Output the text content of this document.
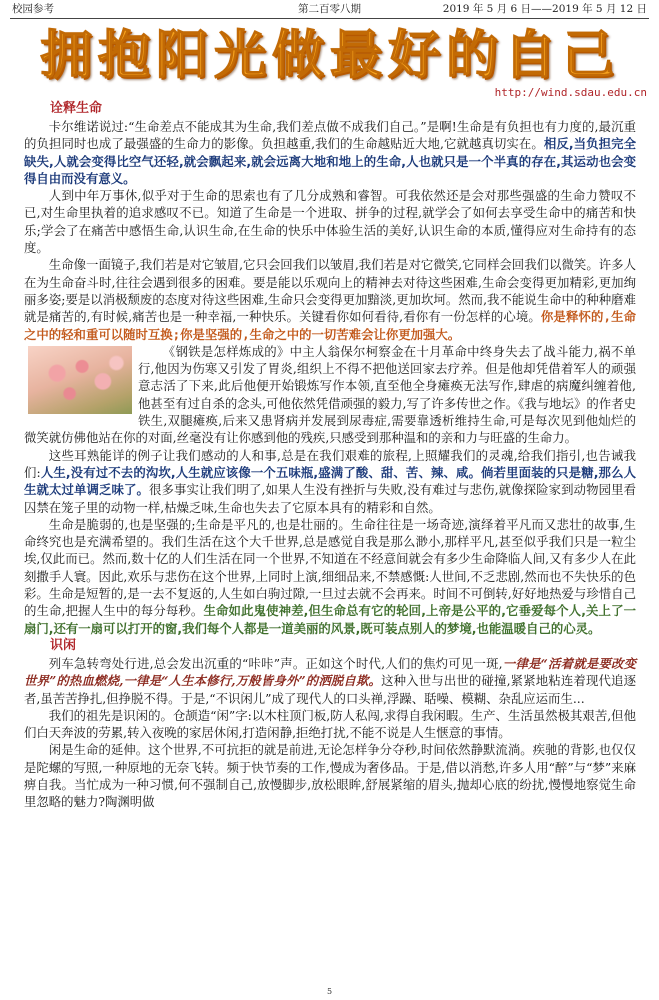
校园参考	第二百零八期	2019 年 5 月 6 日——2019 年 5 月 12 日
拥抱阳光做最好的自己
http://wind.sdau.edu.cn
诠释生命

卡尔维诺说过:“生命差点不能成其为生命,我们差点做不成我们自己。”是啊!生命是有负担也有力度的,最沉重的负担同时也成了最强盛的生命力的影像。负担越重,我们的生命越贴近大地,它就越真切实在。相反,当负担完全缺失,人就会变得比空气还轻,就会飘起来,就会远离大地和地上的生命,人也就只是一个半真的存在,其运动也会变得自由而没有意义。

人到中年万事休,似乎对于生命的思索也有了几分成熟和睿智。可我依然还是会对那些强盛的生命力赞叹不已,对生命里执着的追求感叹不已。知道了生命是一个进取、拼争的过程,就学会了如何去享受生命中的痛苦和快乐;学会了在痛苦中感悟生命,认识生命,在生命的快乐中体验生活的美好,认识生命的本质,懂得应对生命持有的态度。

生命像一面镜子,我们若是对它皱眉,它只会回我们以皱眉,我们若是对它微笑,它同样会回我们以微笑。许多人在为生命奋斗时,往往会遇到很多的困难。要是能以乐观向上的精神去对待这些困难,生命会变得更加精彩,更加绚丽多姿;要是以消极颓废的态度对待这些困难,生命只会变得更加黯淡,更加坎坷。然而,我不能说生命中的种种磨难就是痛苦的,有时候,痛苦也是一种幸福,一种快乐。关键看你如何看待,看你有一份怎样的心境。你是释怀的,生命之中的轻和重可以随时互换;你是坚强的,生命之中的一切苦难会让你更加强大。

《钢铁是怎样炼成的》中主人翁保尔柯察金在十月革命中终身失去了战斗能力,祸不单行,他因为伤寒又引发了胃炎,组织上不得不把他送回家去疗养。但是他却凭借着军人的顽强意志活了下来,此后他便开始锻炼写作本领,直至他全身瘫痪无法写作,肆虐的病魔纠缠着他,他甚至有过自杀的念头,可他依然凭借顽强的毅力,写了许多传世之作。《我与地坛》的作者史铁生,双腿瘫痪,后来又患肾病并发展到尿毒症,需要靠透析维持生命,可是每次见到他灿烂的微笑就仿佛他站在你的对面,丝毫没有让你感到他的残疾,只感受到那种温和的亲和力与旺盛的生命力。

这些耳熟能详的例子让我们感动的人和事,总是在我们艰难的旅程,上照耀我们的灵魂,给我们指引,也告诫我们:人生,没有过不去的沟坎,人生就应该像一个五味瓶,盛满了酸、甜、苦、辣、咸。倘若里面装的只是糖,那么人生就太过单调乏味了。很多事实让我们明了,如果人生没有挫折与失败,没有难过与悲伤,就像探险家到动物园里看囚禁在笼子里的动物一样,枯燥乏味,生命也失去了它原本具有的精彩和自然。

生命是脆弱的,也是坚强的;生命是平凡的,也是壮丽的。生命往往是一场奇迹,演绎着平凡而又悲壮的故事,生命终究也是充满希望的。我们生活在这个大千世界,总是感觉自我是那么渺小,那样平凡,甚至似乎我们只是一粒尘埃,仅此而已。然而,数十亿的人们生活在同一个世界,不知道在不经意间就会有多少生命降临人间,又有多少人在此刻撒手人寰。因此,欢乐与悲伤在这个世界,上同时上演,细细品来,不禁感慨:人世间,不乏悲剧,然而也不失快乐的色彩。生命是短暂的,是一去不复返的,人生如白驹过隙,一旦过去就不会再来。时间不可倒转,好好地热爱与珍惜自己的生命,把握人生中的每分每秒。生命如此鬼使神差,但生命总有它的轮回,上帝是公平的,它垂爱每个人,关上了一扇门,还有一扇可以打开的窗,我们每个人都是一道美丽的风景,既可装点别人的梦境,也能温暖自己的心灵。

识闲

列车急转弯处行进,总会发出沉重的“咔咔”声。正如这个时代,人们的焦灼可见一斑,一律是“活着就是要改变世界”的热血燃烧,一律是“人生本修行,万般皆身外”的洒脱自欺。这种入世与出世的碰撞,紧紧地粘连着现代追逐者,虽苦苦挣扎,但挣脱不得。于是,“不识闲儿”成了现代人的口头禅,浮躁、聒噪、模糊、杂乱应运而生...

我们的祖先是识闲的。仓颉造“闲”字:以木柱顶门板,防人私闯,求得自我闲暇。生产、生活虽然极其艰苦,但他们白天奔波的劳累,转入夜晚的家居休闲,打造闲静,拒绝打扰,不能不说是人生惬意的事情。

闲是生命的延伸。这个世界,不可抗拒的就是前进,无论怎样争分夺秒,时间依然静默流淌。疾驰的背影,也仅仅是陀螺的写照,一种原地的无奈飞转。频于快节奏的工作,慢成为奢侈品。于是,借以消愁,许多人用“醉”与“梦”来麻痹自我。当忙成为一种习惯,何不强制自己,放慢脚步,放松眼眸,舒展紧缩的眉头,抛却心底的纷扰,慢慢地察觉生命里忽略的魅力?陶渊明做

5
